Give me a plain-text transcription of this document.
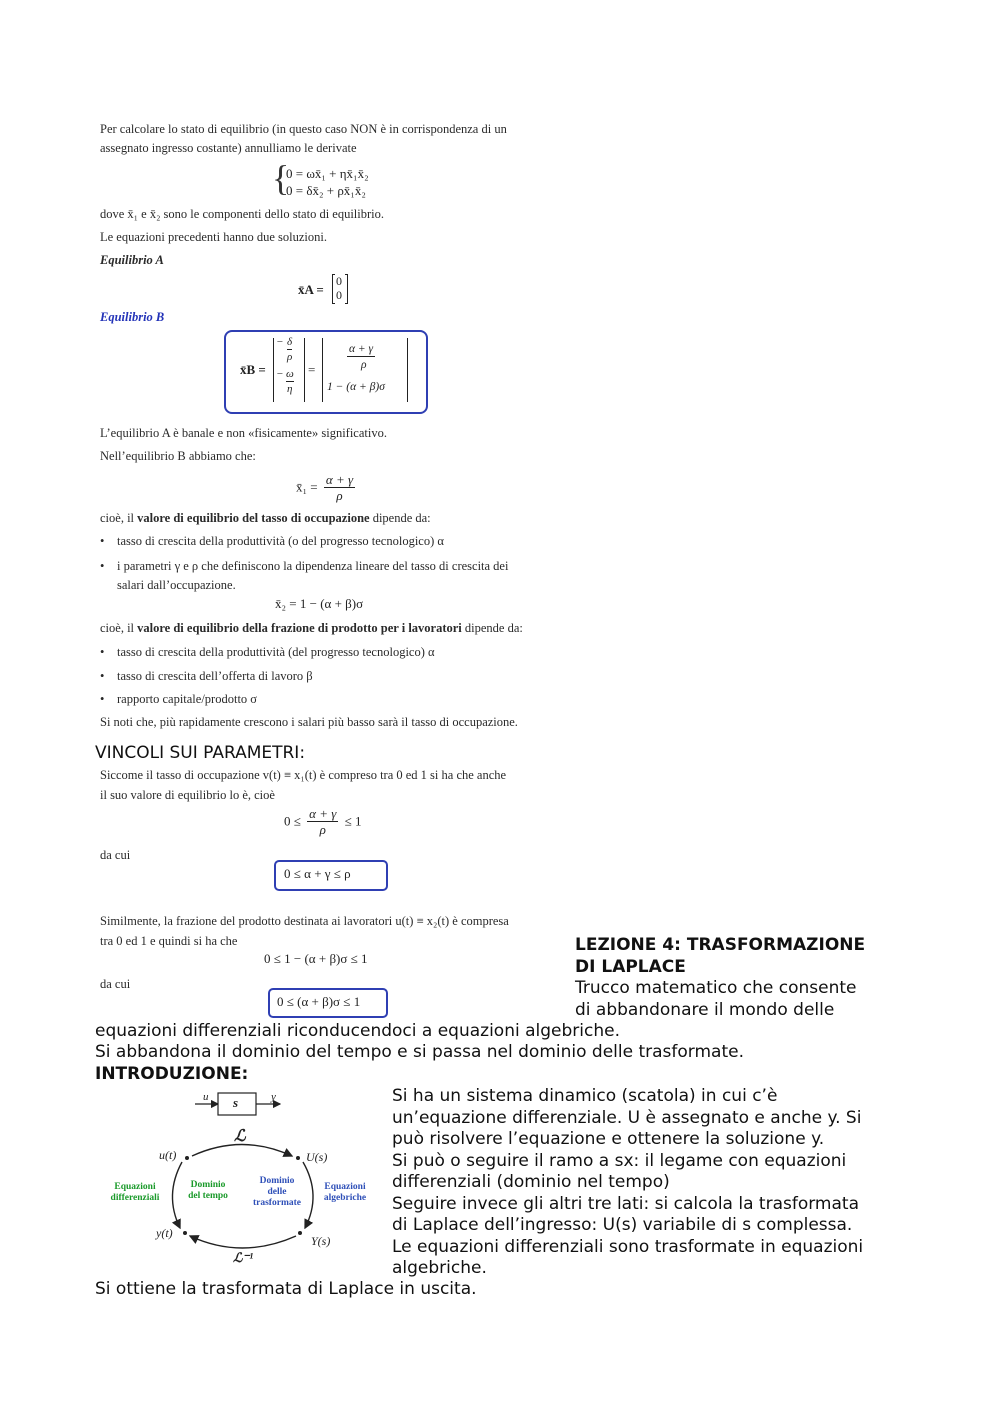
Per calcolare lo stato di equilibrio (in questo caso NON è in corrispondenza di un
assegnato ingresso costante) annulliamo le derivate
{
0 = ωx̄₁ + ηx̄₁x̄₂
0 = δx̄₂ + ρx̄₁x̄₂
dove x̄₁ e x̄₂ sono le componenti dello stato di equilibrio.
Le equazioni precedenti hanno due soluzioni.
Equilibrio A
x̄A =
0
0
Equilibrio B
x̄B =
− δ
ρ
− ω
η
=
α + γ
ρ
1 − (α + β)σ
L’equilibrio A è banale e non «fisicamente» significativo.
Nell’equilibrio B abbiamo che:
x̄₁ = $\frac{\alpha + \gamma}{\rho}$
cioè, il valore di equilibrio del tasso di occupazione dipende da:
• tasso di crescita della produttività (o del progresso tecnologico) α
• i parametri γ e ρ che definiscono la dipendenza lineare del tasso di crescita dei
salari dall’occupazione.
x̄₂ = 1 − (α + β)σ
cioè, il valore di equilibrio della frazione di prodotto per i lavoratori dipende da:
• tasso di crescita della produttività (del progresso tecnologico) α
• tasso di crescita dell’offerta di lavoro β
• rapporto capitale/prodotto σ
Si noti che, più rapidamente crescono i salari più basso sarà il tasso di occupazione.
VINCOLI SUI PARAMETRI:
Siccome il tasso di occupazione v(t) ≡ x₁(t) è compreso tra 0 ed 1 si ha che anche
il suo valore di equilibrio lo è, cioè
$0 \le \frac{\alpha + \gamma}{\rho} \le 1$
da cui
0 ≤ α + γ ≤ ρ
Similmente, la frazione del prodotto destinata ai lavoratori u(t) ≡ x₂(t) è compresa
tra 0 ed 1 e quindi si ha che
0 ≤ 1 − (α + β)σ ≤ 1
da cui
0 ≤ (α + β)σ ≤ 1
LEZIONE 4: TRASFORMAZIONE
DI LAPLACE
Trucco matematico che consente
di abbandonare il mondo delle
equazioni differenziali riconducendoci a equazioni algebriche.
Si abbandona il dominio del tempo e si passa nel dominio delle trasformate.
INTRODUZIONE:
u s	y
ℒ
ℒ⁻¹
u(t)	U(s)
y(t)
Y(s)
Equazioni
differenziali
Dominio
del tempo
Dominio
delle
trasformate
Equazioni
algebriche
Si ha un sistema dinamico (scatola) in cui c’è
un’equazione differenziale. U è assegnato e anche y. Si
può risolvere l’equazione e ottenere la soluzione y.
Si può o seguire il ramo a sx: il legame con equazioni
differenziali (dominio nel tempo)
Seguire invece gli altri tre lati: si calcola la trasformata
di Laplace dell’ingresso: U(s) variabile di s complessa.
Le equazioni differenziali sono trasformate in equazioni
algebriche.
Si ottiene la trasformata di Laplace in uscita.
